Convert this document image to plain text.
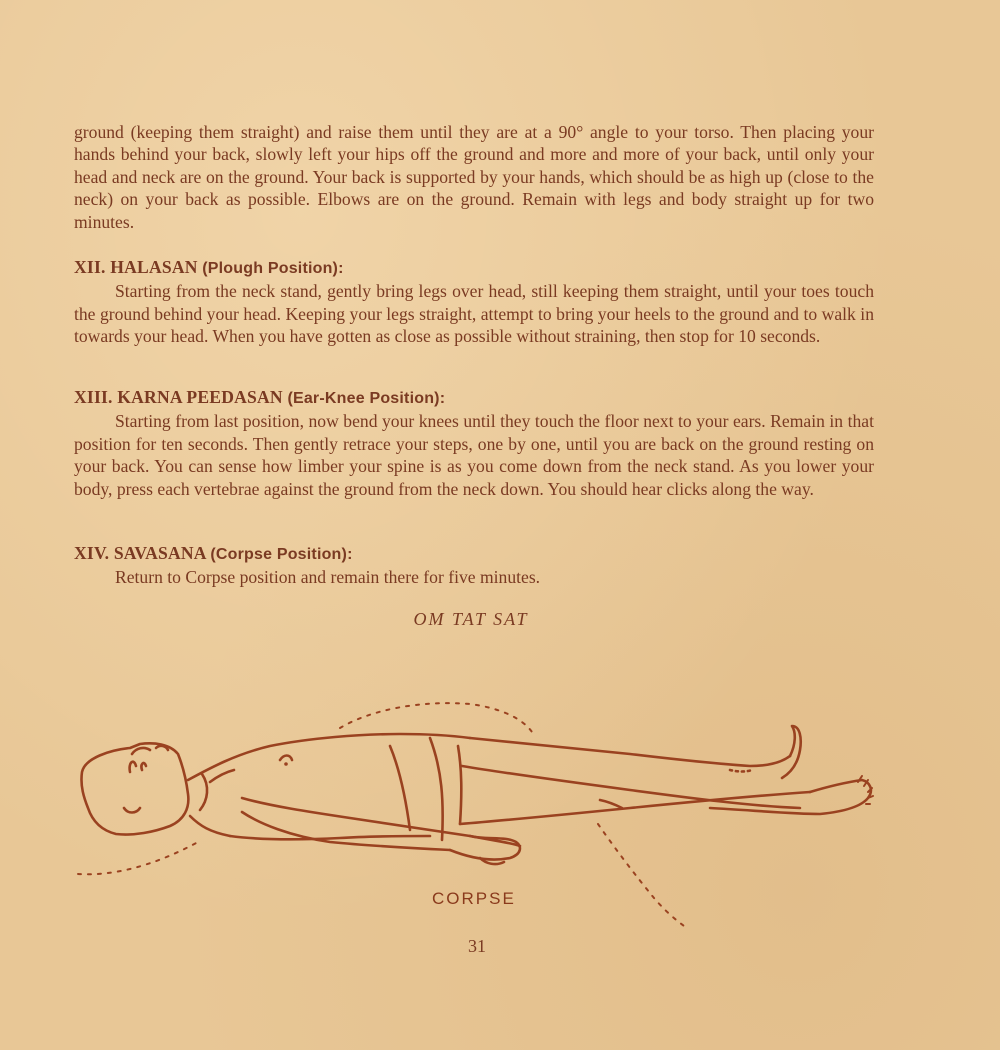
ground (keeping them straight) and raise them until they are at a 90° angle to your torso. Then placing your hands behind your back, slowly left your hips off the ground and more and more of your back, until only your head and neck are on the ground. Your back is supported by your hands, which should be as high up (close to the neck) on your back as possible. Elbows are on the ground. Remain with legs and body straight up for two minutes.

XII. HALASAN (Plough Position):

Starting from the neck stand, gently bring legs over head, still keeping them straight, until your toes touch the ground behind your head. Keeping your legs straight, attempt to bring your heels to the ground and to walk in towards your head. When you have gotten as close as possible without straining, then stop for 10 seconds.

XIII. KARNA PEEDASAN (Ear-Knee Position):

Starting from last position, now bend your knees until they touch the floor next to your ears. Remain in that position for ten seconds. Then gently retrace your steps, one by one, until you are back on the ground resting on your back. You can sense how limber your spine is as you come down from the neck stand. As you lower your body, press each vertebrae against the ground from the neck down. You should hear clicks along the way.

XIV. SAVASANA (Corpse Position):

Return to Corpse position and remain there for five minutes.

OM TAT SAT
CORPSE
31
